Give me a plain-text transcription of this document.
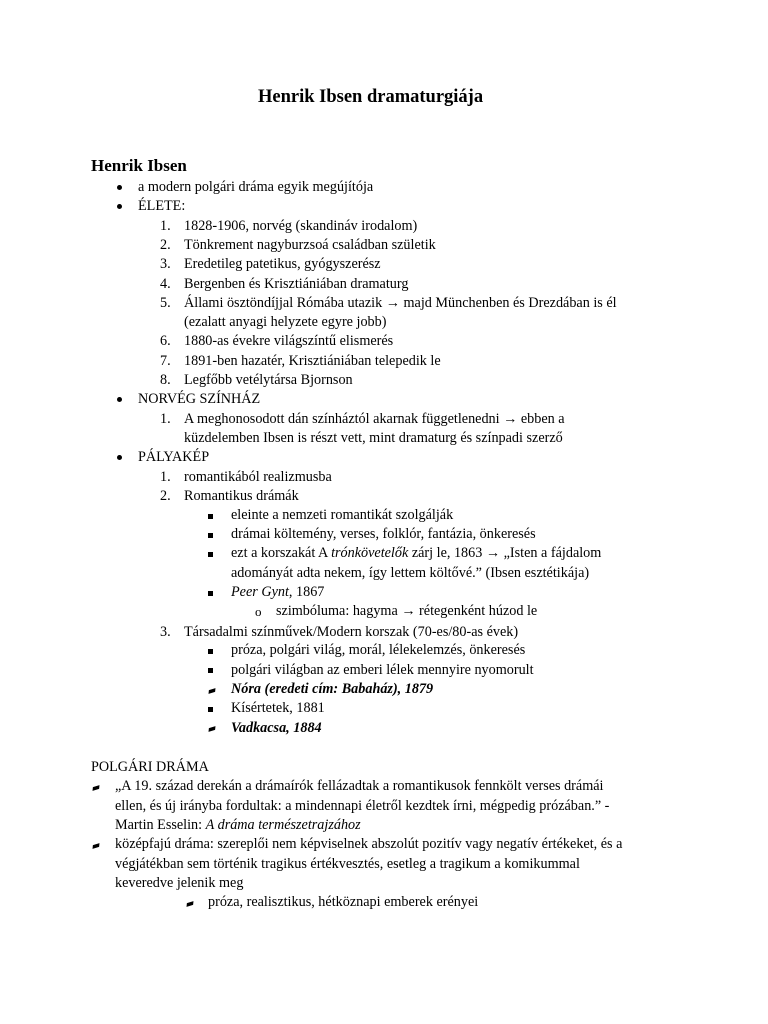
Henrik Ibsen dramaturgiája
Henrik Ibsen
a modern polgári dráma egyik megújítója
ÉLETE:
1. 1828-1906, norvég (skandináv irodalom)
2. Tönkrement nagyburzsoá családban születik
3. Eredetileg patetikus, gyógyszerész
4. Bergenben és Krisztiániában dramaturg
5. Állami ösztöndíjjal Rómába utazik → majd Münchenben és Drezdában is él
(ezalatt anyagi helyzete egyre jobb)
6. 1880-as évekre világszíntű elismerés
7. 1891-ben hazatér, Krisztiániában telepedik le
8. Legfőbb vetélytársa Bjornson
NORVÉG SZÍNHÁZ
1. A meghonosodott dán színháztól akarnak függetlenedni → ebben a
küzdelemben Ibsen is részt vett, mint dramaturg és színpadi szerző
PÁLYAKÉP
1. romantikából realizmusba
2. Romantikus drámák
eleinte a nemzeti romantikát szolgálják
drámai költemény, verses, folklór, fantázia, önkeresés
ezt a korszakát A trónkövetelők zárj le, 1863 → „Isten a fájdalom
adományát adta nekem, így lettem költővé.” (Ibsen esztétikája)
Peer Gynt, 1867
o szimbóluma: hagyma → rétegenként húzod le
3. Társadalmi színművek/Modern korszak (70-es/80-as évek)
próza, polgári világ, morál, lélekelemzés, önkeresés
polgári világban az emberi lélek mennyire nyomorult
Nóra (eredeti cím: Babaház), 1879
Kísértetek, 1881
Vadkacsa, 1884
POLGÁRI DRÁMA
„A 19. század derekán a drámaírók fellázadtak a romantikusok fennkölt verses drámái
ellen, és új irányba fordultak: a mindennapi életről kezdtek írni, mégpedig prózában.” -
Martin Esselin: A dráma természetrajzához
középfajú dráma: szereplői nem képviselnek abszolút pozitív vagy negatív értékeket, és a
végjátékban sem történik tragikus értékvesztés, esetleg a tragikum a komikummal
keveredve jelenik meg
próza, realisztikus, hétköznapi emberek erényei
